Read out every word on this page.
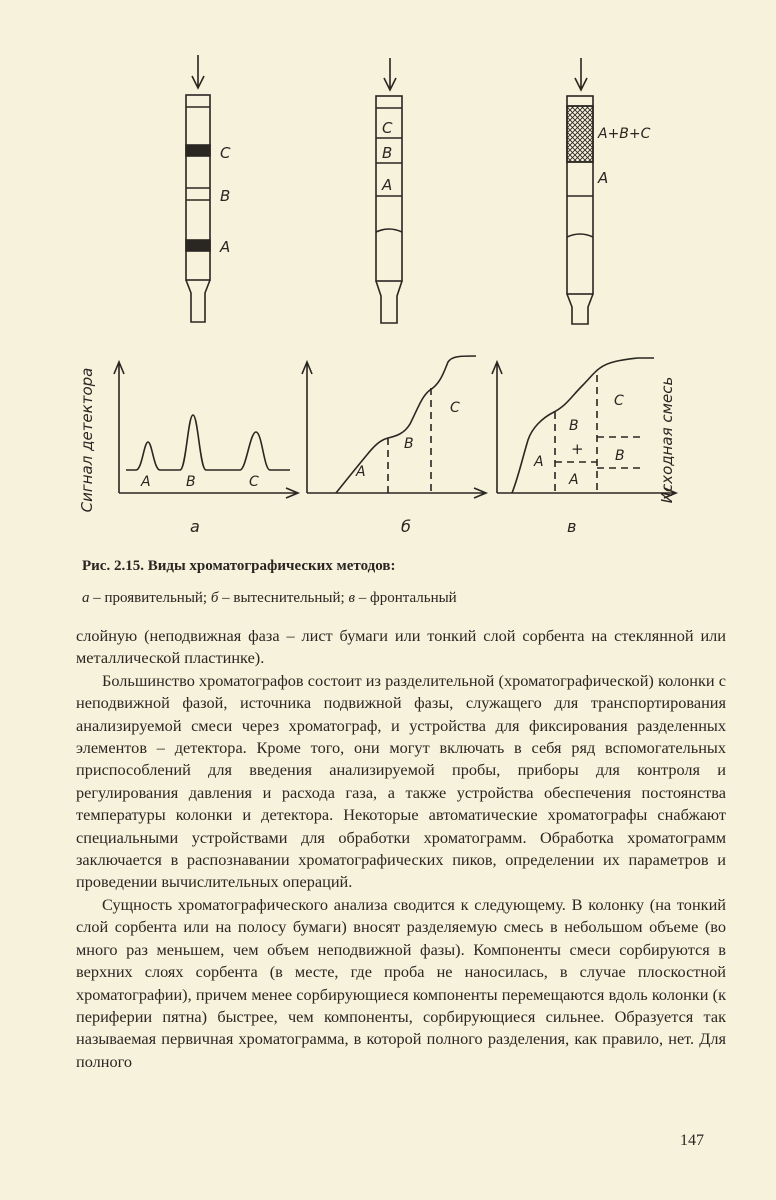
C
B
A
C
B
A
A+B+C
A
A	B	C
Сигнал детектора
а
A
B
C
б
A
B
+
A
B
C
в
Исходная смесь
Рис. 2.15. Виды хроматографических методов:
а – проявительный; б – вытеснительный; в – фронтальный

слойную (неподвижная фаза – лист бумаги или тонкий слой сорбента на стеклянной или металлической пластинке).

Большинство хроматографов состоит из разделительной (хроматографической) колонки с неподвижной фазой, источника подвижной фазы, служащего для транспортирования анализируемой смеси через хроматограф, и устройства для фиксирования разделенных элементов – детектора. Кроме того, они могут включать в себя ряд вспомогательных приспособлений для введения анализируемой пробы, приборы для контроля и регулирования давления и расхода газа, а также устройства обеспечения постоянства температуры колонки и детектора. Некоторые автоматические хроматографы снабжают специальными устройствами для обработки хроматограмм. Обработка хроматограмм заключается в распознавании хроматографических пиков, определении их параметров и проведении вычислительных операций.

Сущность хроматографического анализа сводится к следующему. В колонку (на тонкий слой сорбента или на полосу бумаги) вносят разделяемую смесь в небольшом объеме (во много раз меньшем, чем объем неподвижной фазы). Компоненты смеси сорбируются в верхних слоях сорбента (в месте, где проба не наносилась, в случае плоскостной хроматографии), причем менее сорбирующиеся компоненты перемещаются вдоль колонки (к периферии пятна) быстрее, чем компоненты, сорбирующиеся сильнее. Образуется так называемая первичная хроматограмма, в которой полного разделения, как правило, нет. Для полного

147
